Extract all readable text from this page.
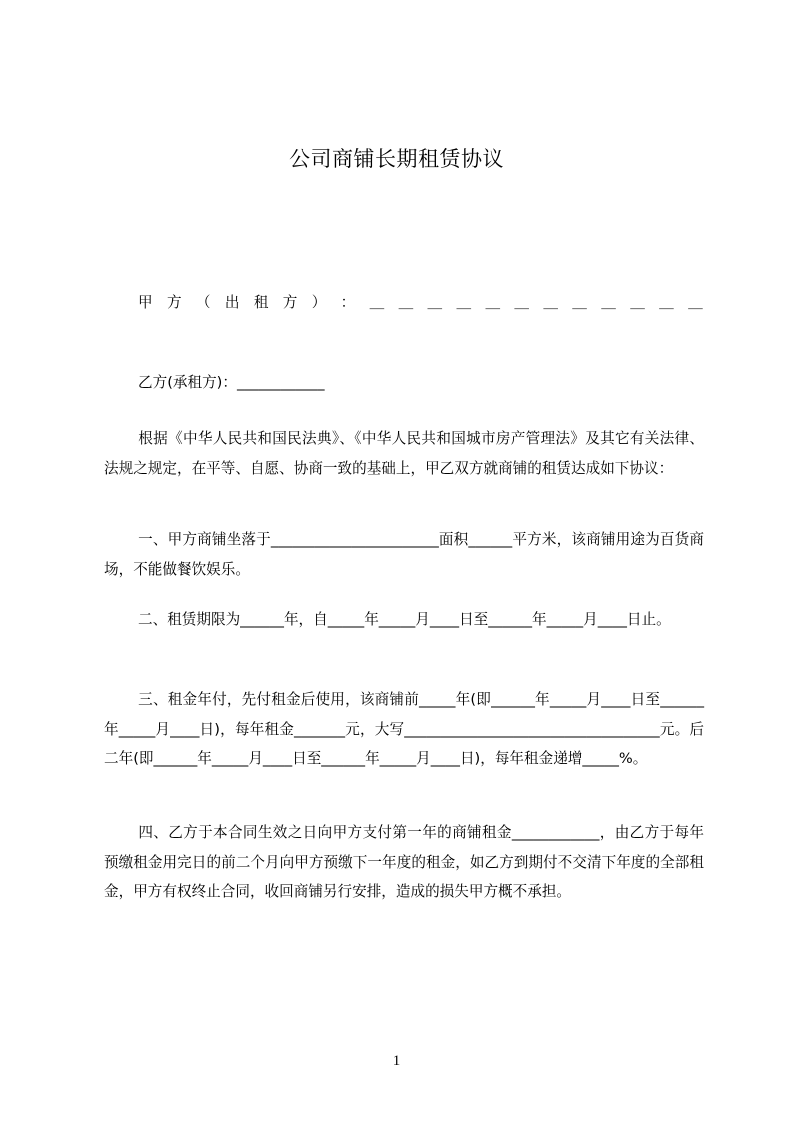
公司商铺长期租赁协议
甲 方 （ 出 租 方 ） ： ＿ ＿ ＿ ＿ ＿ ＿ ＿ ＿ ＿ ＿ ＿ ＿
乙方(承租方)：____________
根据《中华人民共和国民法典》、《中华人民共和国城市房产管理法》及其它有关法律、法规之规定，在平等、自愿、协商一致的基础上，甲乙双方就商铺的租赁达成如下协议：
一、甲方商铺坐落于_______________________面积______平方米，该商铺用途为百货商场，不能做餐饮娱乐。
二、租赁期限为______年，自_____年_____月____日至______年_____月____日止。
三、租金年付，先付租金后使用，该商铺前_____年(即______年_____月____日至______年_____月____日)，每年租金_______元，大写___________________________________元。后二年(即______年_____月____日至______年_____月____日)，每年租金递增_____%。
四、乙方于本合同生效之日向甲方支付第一年的商铺租金____________，由乙方于每年预缴租金用完日的前二个月向甲方预缴下一年度的租金，如乙方到期付不交清下年度的全部租金，甲方有权终止合同，收回商铺另行安排，造成的损失甲方概不承担。
1
